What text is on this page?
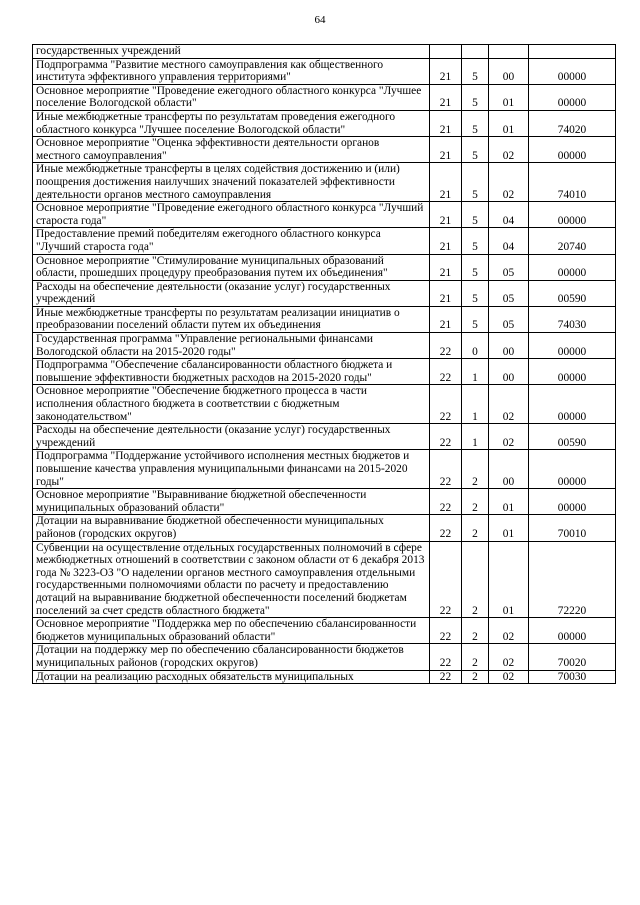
64
государственных учреждений				
Подпрограмма "Развитие местного самоуправления как общественного института эффективного управления территориями"	21	5	00	00000
Основное мероприятие "Проведение ежегодного областного конкурса "Лучшее поселение Вологодской области"	21	5	01	00000
Иные межбюджетные трансферты по результатам проведения ежегодного областного конкурса "Лучшее поселение Вологодской области"	21	5	01	74020
Основное мероприятие "Оценка эффективности деятельности органов местного самоуправления"	21	5	02	00000
Иные межбюджетные трансферты в целях содействия достижению и (или) поощрения достижения наилучших значений показателей эффективности деятельности органов местного самоуправления	21	5	02	74010
Основное мероприятие "Проведение ежегодного областного конкурса "Лучший староста года"	21	5	04	00000
Предоставление премий победителям ежегодного областного конкурса "Лучший староста года"	21	5	04	20740
Основное мероприятие "Стимулирование муниципальных образований области, прошедших процедуру преобразования путем их объединения"	21	5	05	00000
Расходы на обеспечение деятельности (оказание услуг) государственных учреждений	21	5	05	00590
Иные межбюджетные трансферты по результатам реализации инициатив о преобразовании поселений области путем их объединения	21	5	05	74030
Государственная программа "Управление региональными финансами Вологодской области на 2015-2020 годы"	22	0	00	00000
Подпрограмма "Обеспечение сбалансированности областного бюджета и повышение эффективности бюджетных расходов на 2015-2020 годы"	22	1	00	00000
Основное мероприятие "Обеспечение бюджетного процесса в части исполнения областного бюджета в соответствии с бюджетным законодательством"	22	1	02	00000
Расходы на обеспечение деятельности (оказание услуг) государственных учреждений	22	1	02	00590
Подпрограмма "Поддержание устойчивого исполнения местных бюджетов и повышение качества управления муниципальными финансами на 2015-2020 годы"	22	2	00	00000
Основное мероприятие "Выравнивание бюджетной обеспеченности муниципальных образований области"	22	2	01	00000
Дотации на выравнивание бюджетной обеспеченности муниципальных районов (городских округов)	22	2	01	70010
Субвенции на осуществление отдельных государственных полномочий в сфере межбюджетных отношений в соответствии с законом области от 6 декабря 2013 года № 3223-ОЗ "О наделении органов местного самоуправления отдельными государственными полномочиями области по расчету и предоставлению дотаций на выравнивание бюджетной обеспеченности поселений бюджетам поселений за счет средств областного бюджета"	22	2	01	72220
Основное мероприятие "Поддержка мер по обеспечению сбалансированности бюджетов муниципальных образований области"	22	2	02	00000
Дотации на поддержку мер по обеспечению сбалансированности бюджетов муниципальных районов (городских округов)	22	2	02	70020
Дотации на реализацию расходных обязательств муниципальных	22	2	02	70030
